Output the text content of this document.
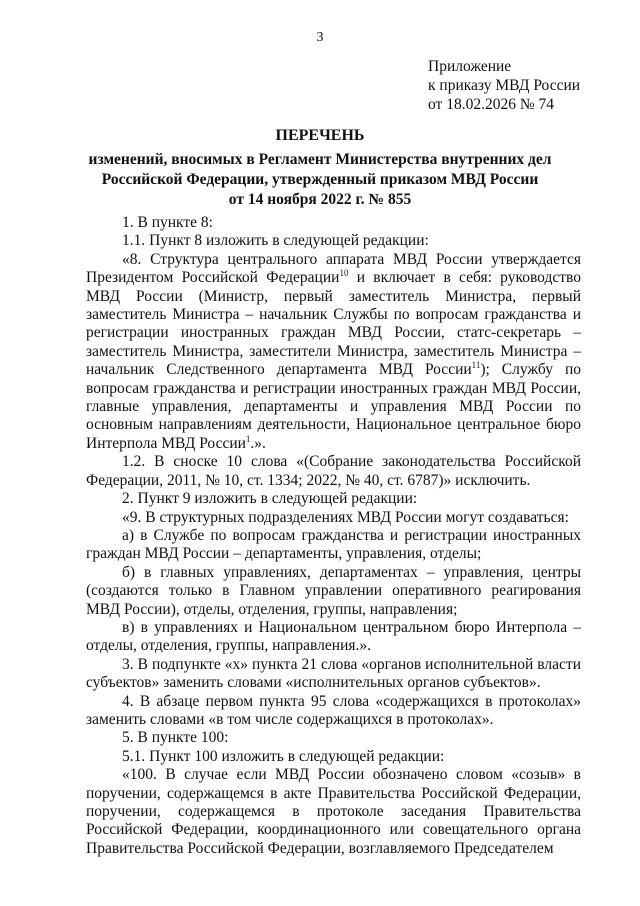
3
Приложение
к приказу МВД России
от 18.02.2026 № 74
ПЕРЕЧЕНЬ
изменений, вносимых в Регламент Министерства внутренних дел
Российской Федерации, утвержденный приказом МВД России
от 14 ноября 2022 г. № 855

1. В пункте 8:

1.1. Пункт 8 изложить в следующей редакции:

«8. Структура центрального аппарата МВД России утверждается Президентом Российской Федерации$^{10}$ и включает в себя: руководство МВД России (Министр, первый заместитель Министра, первый заместитель Министра – начальник Службы по вопросам гражданства и регистрации иностранных граждан МВД России, статс-секретарь – заместитель Министра, заместители Министра, заместитель Министра – начальник Следственного департамента МВД России$^{11}$); Службу по вопросам гражданства и регистрации иностранных граждан МВД России, главные управления, департаменты и управления МВД России по основным направлениям деятельности, Национальное центральное бюро Интерпола МВД России$^1$.».

1.2. В сноске 10 слова «(Собрание законодательства Российской Федерации, 2011, № 10, ст. 1334; 2022, № 40, ст. 6787)» исключить.

2. Пункт 9 изложить в следующей редакции:

«9. В структурных подразделениях МВД России могут создаваться:

а) в Службе по вопросам гражданства и регистрации иностранных граждан МВД России – департаменты, управления, отделы;

б) в главных управлениях, департаментах – управления, центры (создаются только в Главном управлении оперативного реагирования МВД России), отделы, отделения, группы, направления;

в) в управлениях и Национальном центральном бюро Интерпола – отделы, отделения, группы, направления.».

3. В подпункте «х» пункта 21 слова «органов исполнительной власти субъектов» заменить словами «исполнительных органов субъектов».

4. В абзаце первом пункта 95 слова «содержащихся в протоколах» заменить словами «в том числе содержащихся в протоколах».

5. В пункте 100:

5.1. Пункт 100 изложить в следующей редакции:

«100. В случае если МВД России обозначено словом «созыв» в поручении, содержащемся в акте Правительства Российской Федерации, поручении, содержащемся в протоколе заседания Правительства Российской Федерации, координационного или совещательного органа Правительства Российской Федерации, возглавляемого Председателем
